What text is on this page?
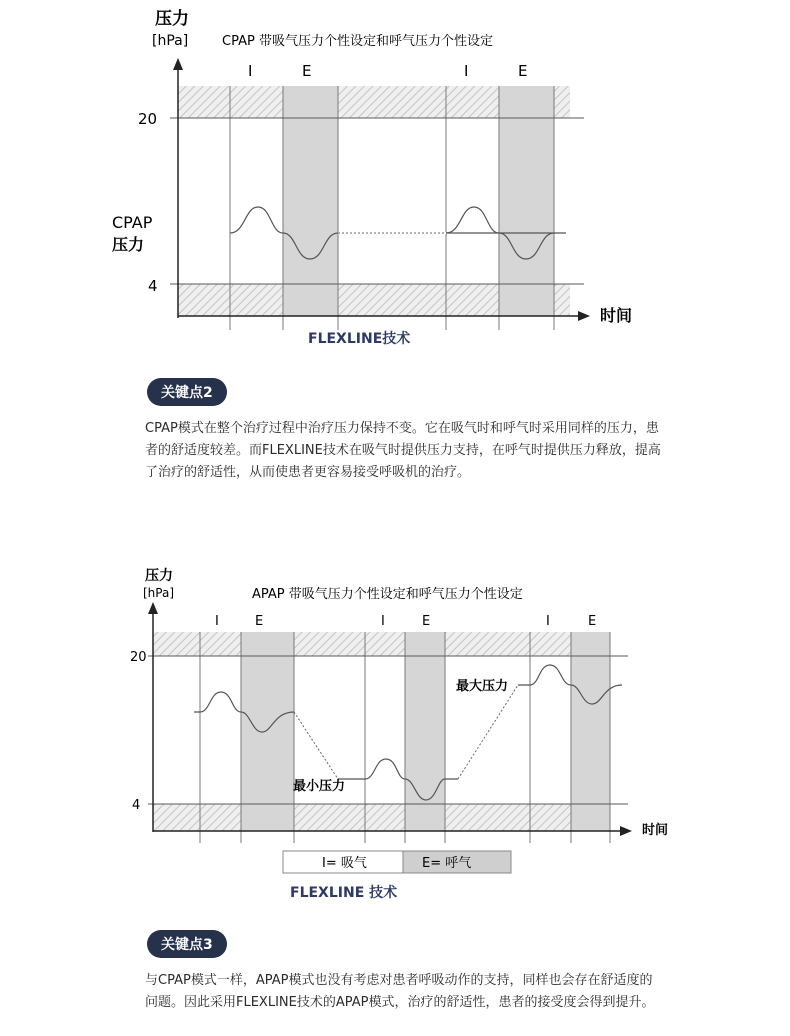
压力
[hPa]	CPAP 带吸气压力个性设定和呼气压力个性设定
I	E	I	E
20
4
CPAP
压力
时间
FLEXLINE技术
关键点2
CPAP模式在整个治疗过程中治疗压力保持不变。它在吸气时和呼气时采用同样的压力，患者的舒适度较差。而FLEXLINE技术在吸气时提供压力支持，在呼气时提供压力释放，提高了治疗的舒适性，从而使患者更容易接受呼吸机的治疗。
压力
[hPa]	APAP 带吸气压力个性设定和呼气压力个性设定
I	E	I	E	I	E
20
4
最大压力
最小压力
时间
I= 吸气	E= 呼气
FLEXLINE 技术
关键点3
与CPAP模式一样，APAP模式也没有考虑对患者呼吸动作的支持，同样也会存在舒适度的问题。因此采用FLEXLINE技术的APAP模式，治疗的舒适性，患者的接受度会得到提升。
